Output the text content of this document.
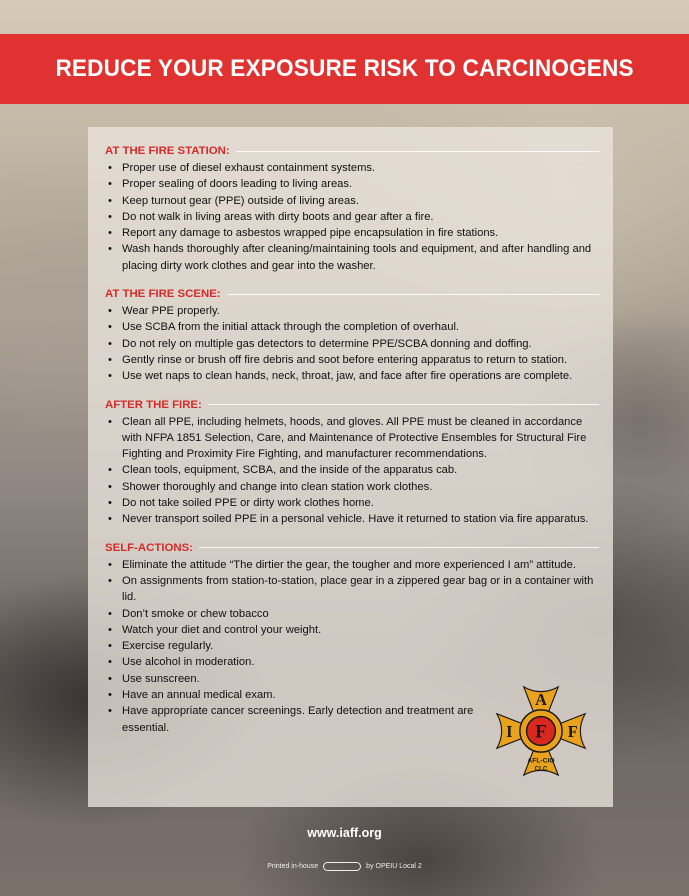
REDUCE YOUR EXPOSURE RISK TO CARCINOGENS
AT THE FIRE STATION:
• Proper use of diesel exhaust containment systems.
• Proper sealing of doors leading to living areas.
• Keep turnout gear (PPE) outside of living areas.
• Do not walk in living areas with dirty boots and gear after a fire.
• Report any damage to asbestos wrapped pipe encapsulation in fire stations.
• Wash hands thoroughly after cleaning/maintaining tools and equipment, and after handling and placing dirty work clothes and gear into the washer.
AT THE FIRE SCENE:
• Wear PPE properly.
• Use SCBA from the initial attack through the completion of overhaul.
• Do not rely on multiple gas detectors to determine PPE/SCBA donning and doffing.
• Gently rinse or brush off fire debris and soot before entering apparatus to return to station.
• Use wet naps to clean hands, neck, throat, jaw, and face after fire operations are complete.
AFTER THE FIRE:
• Clean all PPE, including helmets, hoods, and gloves. All PPE must be cleaned in accordance with NFPA 1851 Selection, Care, and Maintenance of Protective Ensembles for Structural Fire Fighting and Proximity Fire Fighting, and manufacturer recommendations.
• Clean tools, equipment, SCBA, and the inside of the apparatus cab.
• Shower thoroughly and change into clean station work clothes.
• Do not take soiled PPE or dirty work clothes home.
• Never transport soiled PPE in a personal vehicle. Have it returned to station via fire apparatus.
SELF-ACTIONS:
• Eliminate the attitude “The dirtier the gear, the tougher and more experienced I am” attitude.
• On assignments from station-to-station, place gear in a zippered gear bag or in a container with lid.
• Don’t smoke or chew tobacco
• Watch your diet and control your weight.
• Exercise regularly.
• Use alcohol in moderation.
• Use sunscreen.
• Have an annual medical exam.
• Have appropriate cancer screenings. Early detection and treatment are essential.
A
I F F
AFL-CIO
CLC
www.iaff.org
Printed in-house	by OPEIU Local 2
